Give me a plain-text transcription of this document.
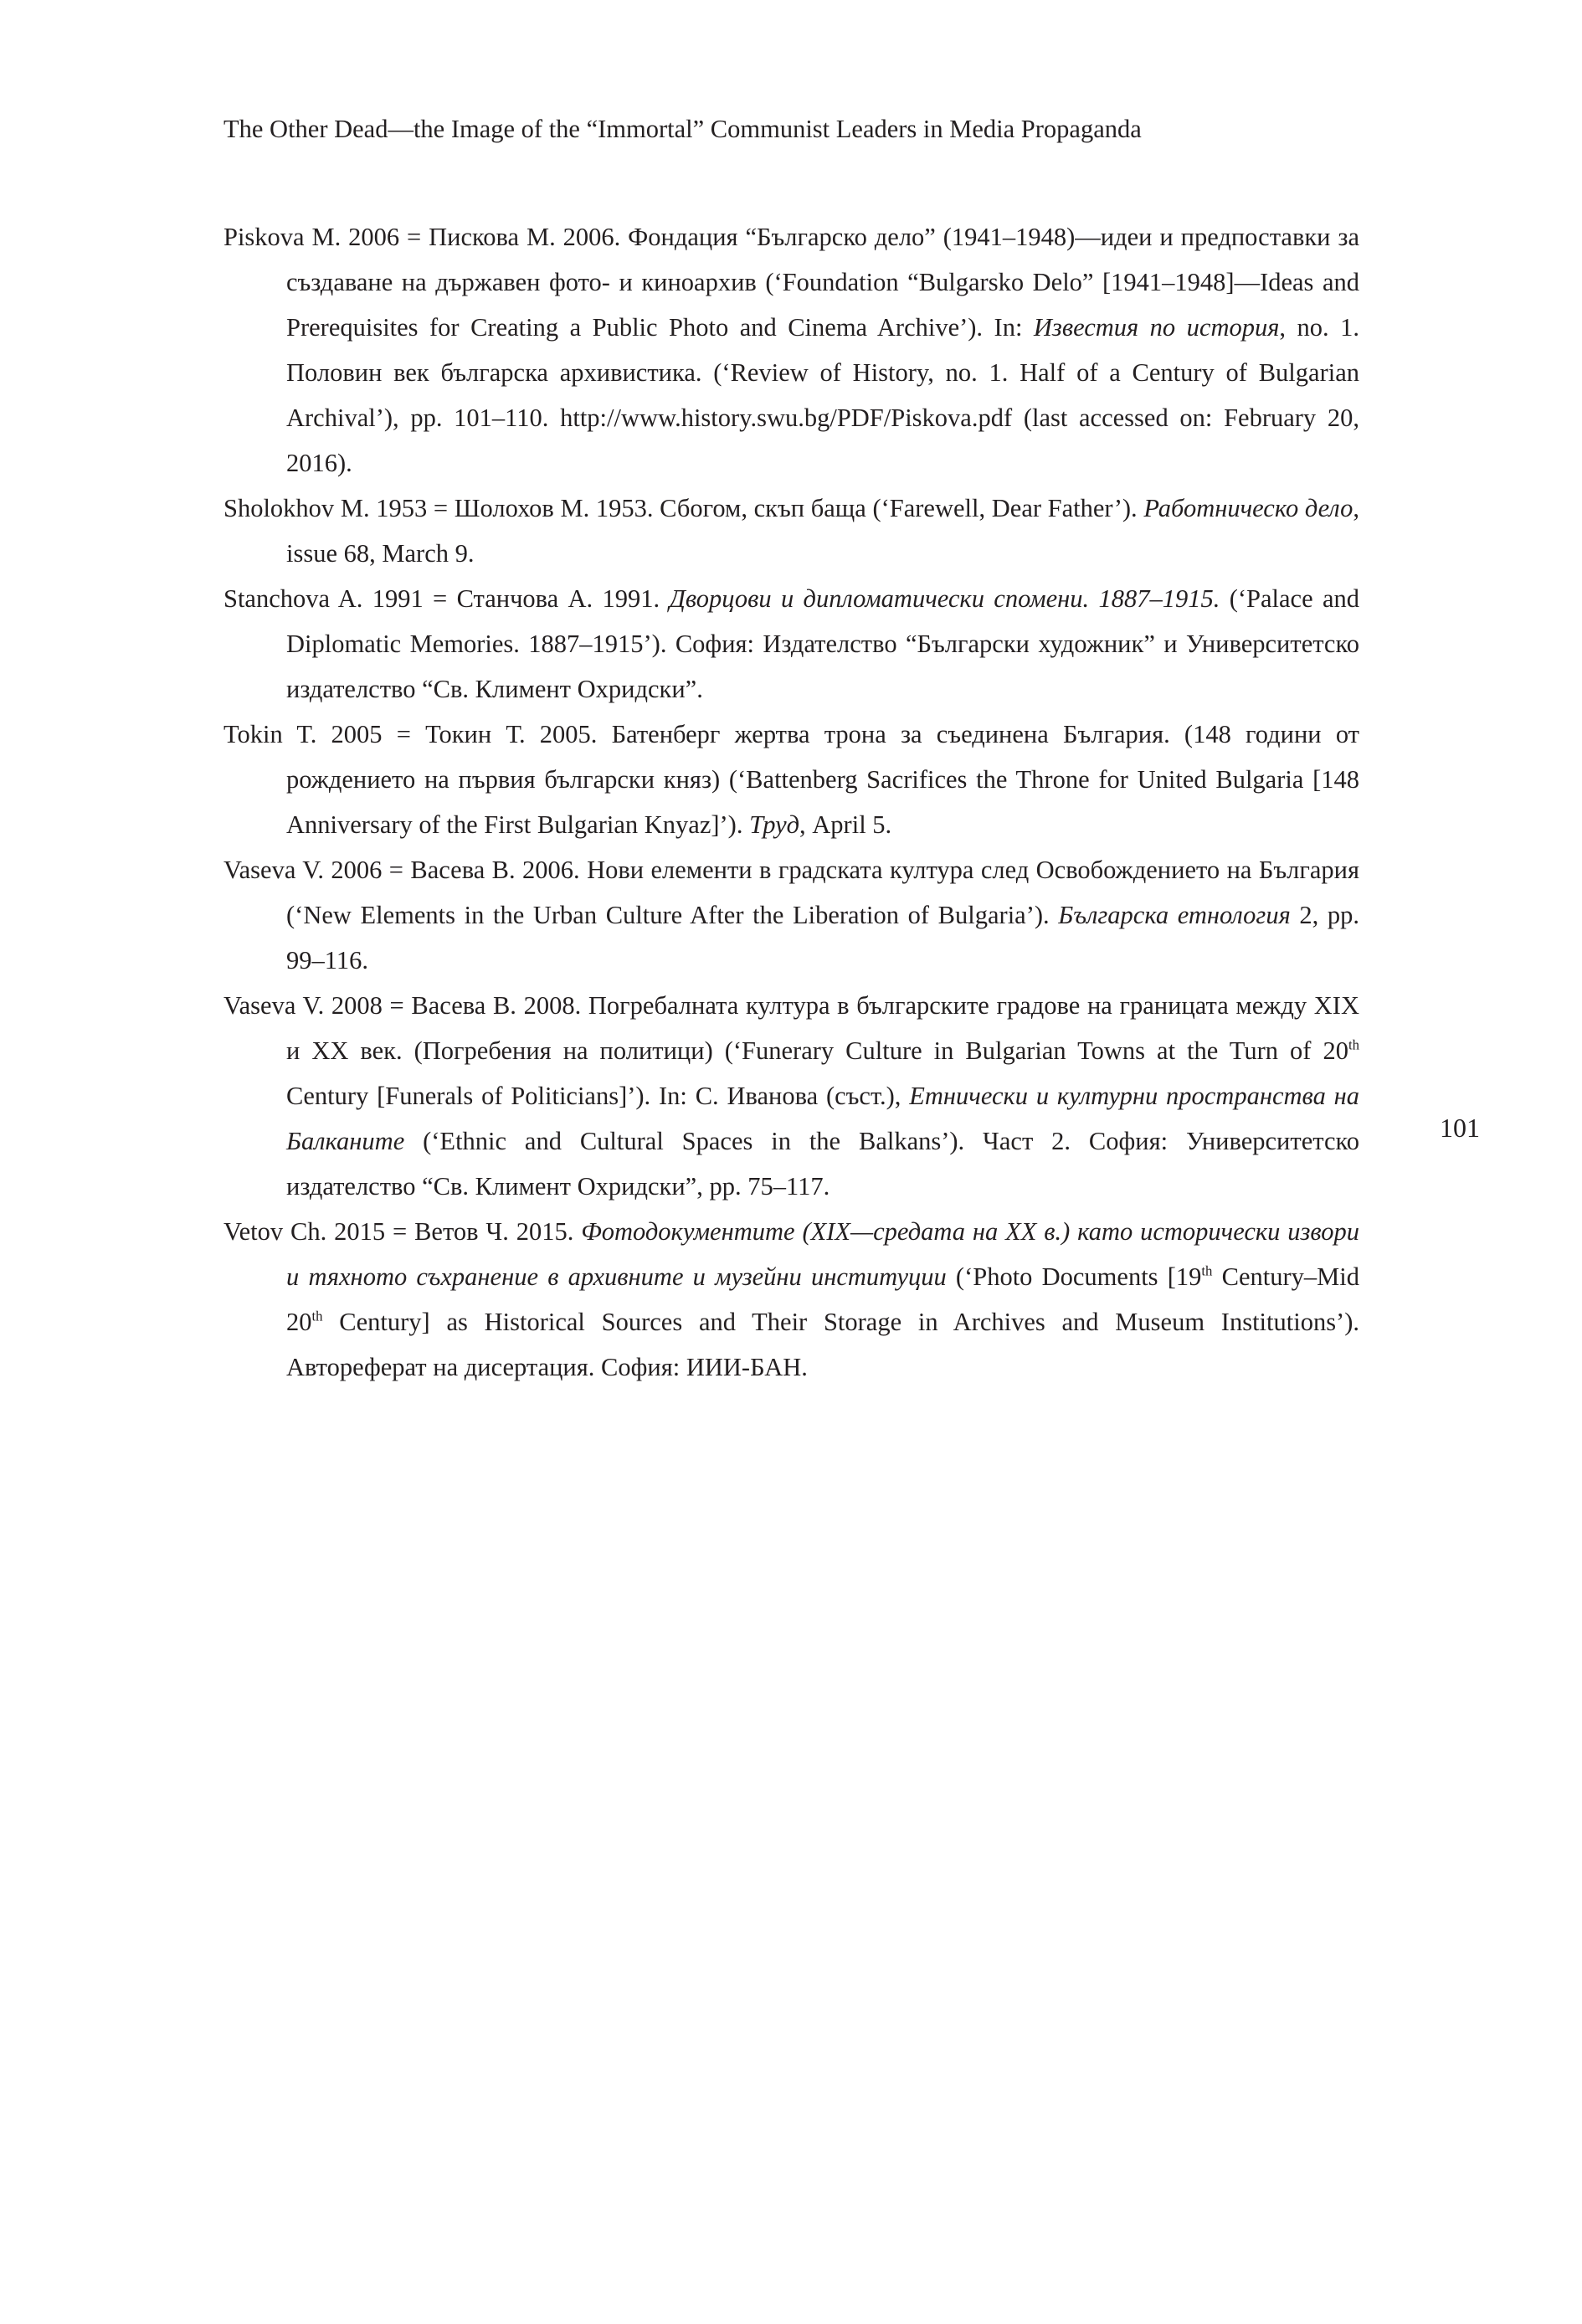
The Other Dead—the Image of the “Immortal” Communist Leaders in Media Propaganda
Piskova M. 2006 = Пискова М. 2006. Фондация “Българско дело” (1941–1948)—идеи и предпоставки за създаване на държавен фото- и киноархив (‘Foundation “Bulgarsko Delo” [1941–1948]—Ideas and Prerequisites for Creating a Public Photo and Cinema Archive’). In: Известия по история, no. 1. Половин век българска архивистика. (‘Review of History, no. 1. Half of a Century of Bulgarian Archival’), pp. 101–110. http://www.history.swu.bg/PDF/Piskova.pdf (last accessed on: February 20, 2016).
Sholokhov M. 1953 = Шолохов М. 1953. Сбогом, скъп баща (‘Farewell, Dear Father’). Работническо дело, issue 68, March 9.
Stanchova A. 1991 = Станчова А. 1991. Дворцови и дипломатически спомени. 1887–1915. (‘Palace and Diplomatic Memories. 1887–1915’). София: Издателство “Български художник” и Университетско издателство “Св. Климент Охридски”.
Tokin T. 2005 = Токин Т. 2005. Батенберг жертва трона за съединена България. (148 години от рождението на първия български княз) (‘Battenberg Sacrifices the Throne for United Bulgaria [148 Anniversary of the First Bulgarian Knyaz]’). Труд, April 5.
Vaseva V. 2006 = Васева В. 2006. Нови елементи в градската култура след Освобождението на България (‘New Elements in the Urban Culture After the Liberation of Bulgaria’). Българска етнология 2, pp. 99–116.
Vaseva V. 2008 = Васева В. 2008. Погребалната култура в българските градове на границата между XIX и XX век. (Погребения на политици) (‘Funerary Culture in Bulgarian Towns at the Turn of 20th Century [Funerals of Politicians]’). In: С. Иванова (съст.), Етнически и културни пространства на Балканите (‘Ethnic and Cultural Spaces in the Balkans’). Част 2. София: Университетско издателство “Св. Климент Охридски”, pp. 75–117.
Vetov Ch. 2015 = Ветов Ч. 2015. Фотодокументите (XIX—средата на XX в.) като исторически извори и тяхното съхранение в архивните и музейни институции (‘Photo Documents [19th Century–Mid 20th Century] as Historical Sources and Their Storage in Archives and Museum Institutions’). Автореферат на дисертация. София: ИИИ-БАН.
101
